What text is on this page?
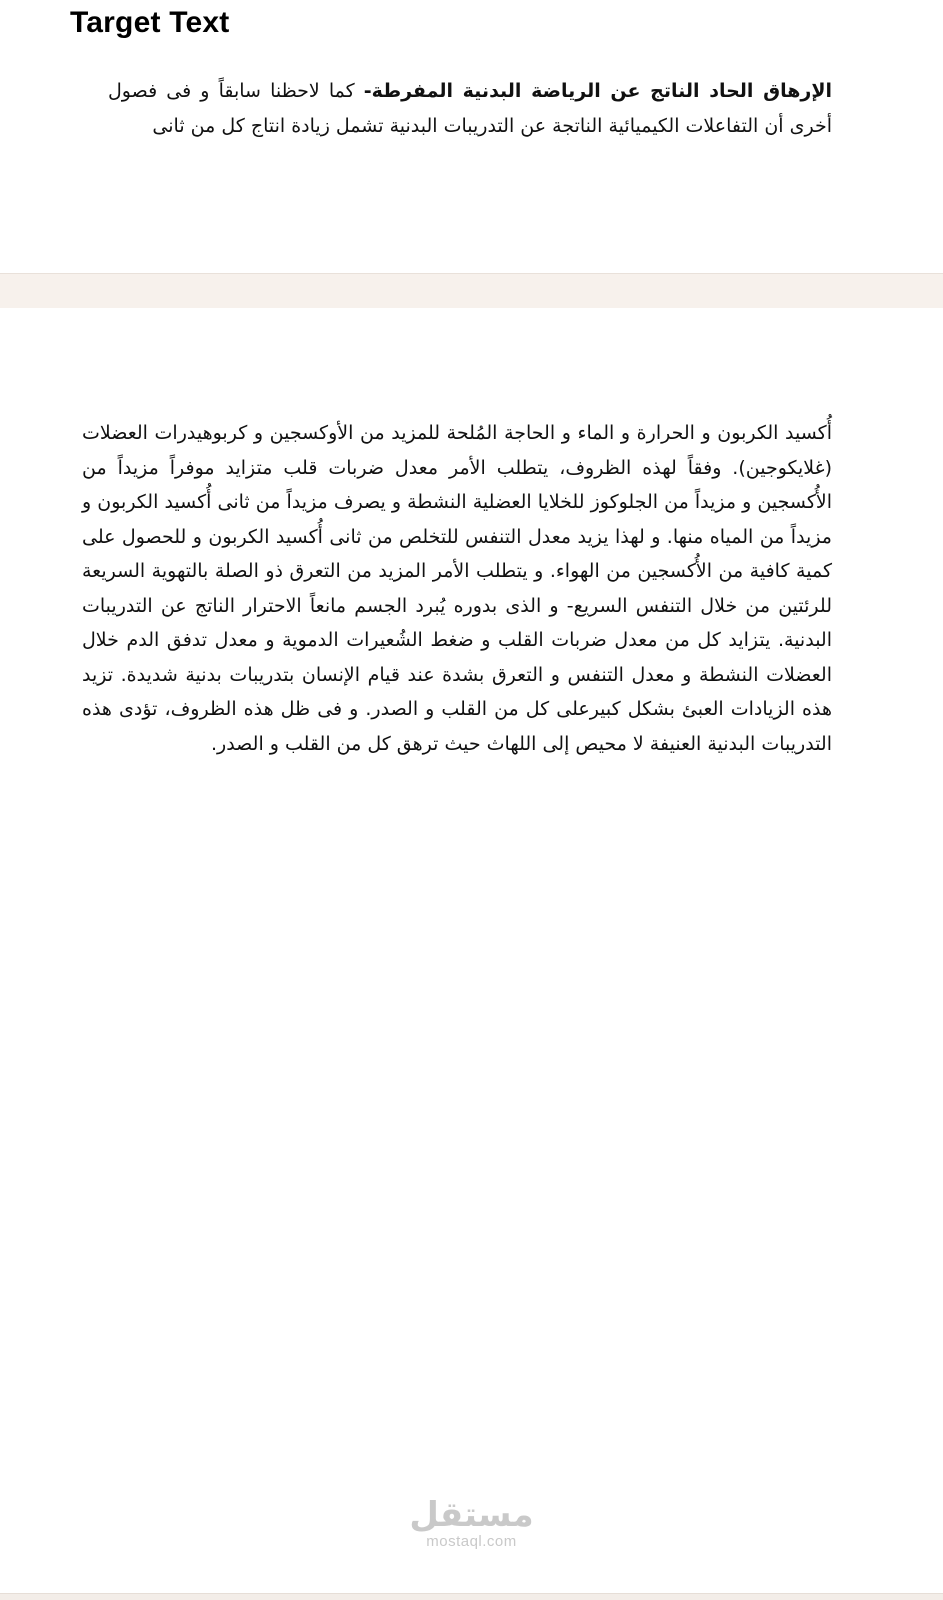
Target Text

الإرهاق الحاد الناتج عن الرياضة البدنية المفرطة- كما لاحظنا سابقاً و فى فصول أخرى أن التفاعلات الكيميائية الناتجة عن التدريبات البدنية تشمل زيادة انتاج كل من ثانى

أُكسيد الكربون و الحرارة و الماء و الحاجة المُلحة للمزيد من الأوكسجين و كربوهيدرات العضلات (غلايكوجين). وفقاً لهذه الظروف، يتطلب الأمر معدل ضربات قلب متزايد موفراً مزيداً من الأُكسجين و مزيداً من الجلوكوز للخلايا العضلية النشطة و يصرف مزيداً من ثانى أُكسيد الكربون و مزيداً من المياه منها. و لهذا يزيد معدل التنفس للتخلص من ثانى أُكسيد الكربون و للحصول على كمية كافية من الأُكسجين من الهواء. و يتطلب الأمر المزيد من التعرق ذو الصلة بالتهوية السريعة للرئتين من خلال التنفس السريع- و الذى بدوره يُبرد الجسم مانعاً الاحترار الناتج عن التدريبات البدنية. يتزايد كل من معدل ضربات القلب و ضغط الشُعيرات الدموية و معدل تدفق الدم خلال العضلات النشطة و معدل التنفس و التعرق بشدة عند قيام الإنسان بتدريبات بدنية شديدة. تزيد هذه الزيادات العبئ بشكل كبيرعلى كل من القلب و الصدر. و فى ظل هذه الظروف، تؤدى هذه التدريبات البدنية العنيفة لا محيص إلى اللهاث حيث ترهق كل من القلب و الصدر.

مستقل
mostaql.com
